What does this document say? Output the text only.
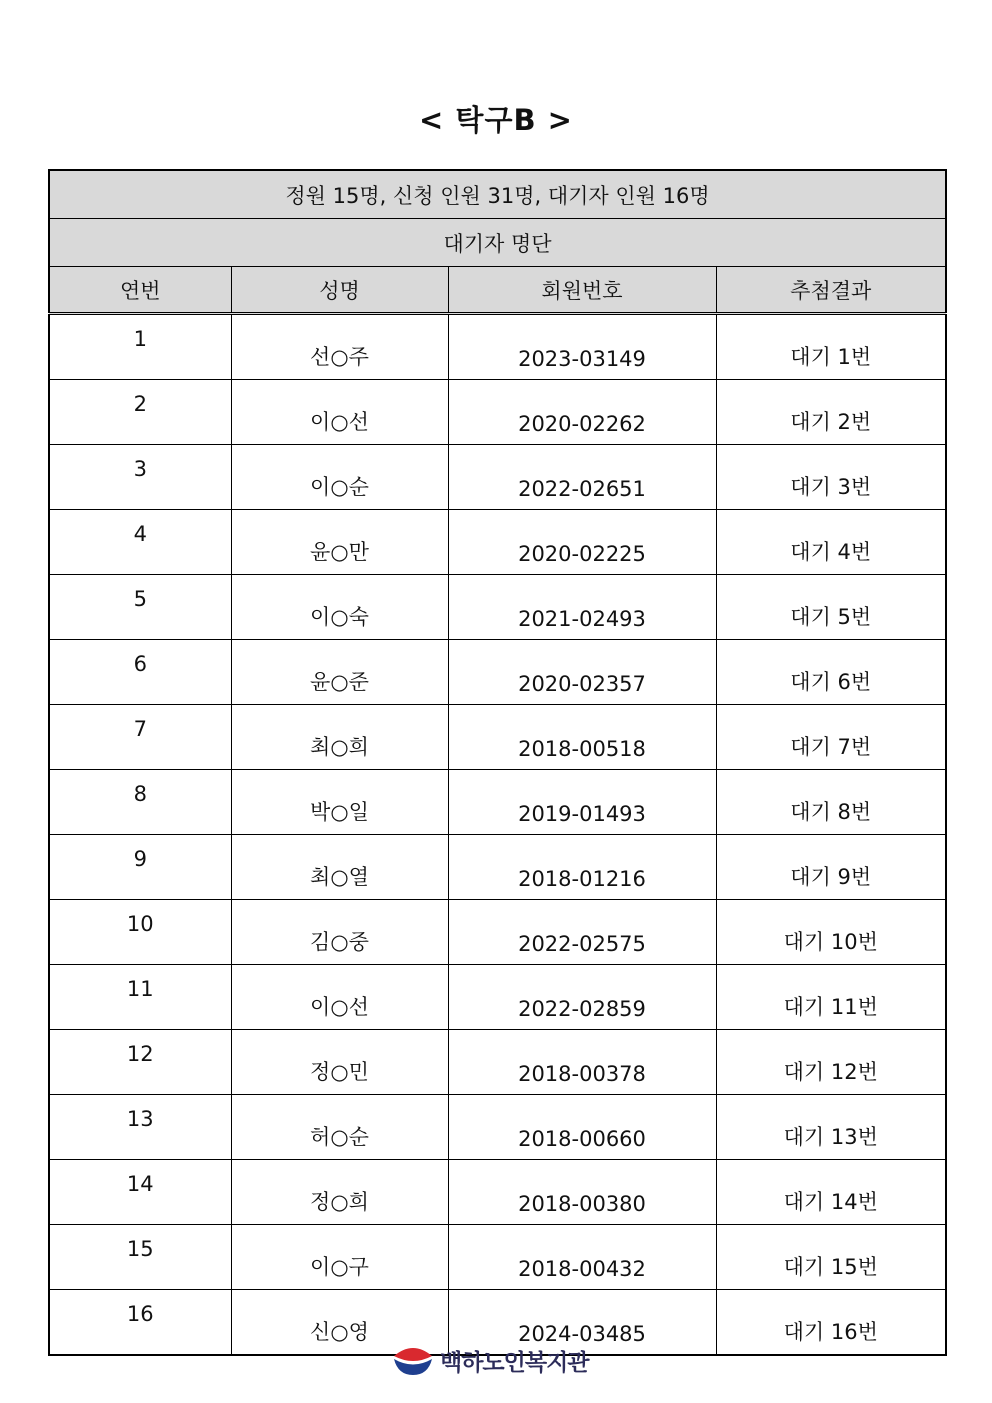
< 탁구B >
정원 15명, 신청 인원 31명, 대기자 인원 16명			
대기자 명단			
연번	성명	회원번호	추첨결과
1	선○주	2023-03149	대기 1번
2	이○선	2020-02262	대기 2번
3	이○순	2022-02651	대기 3번
4	윤○만	2020-02225	대기 4번
5	이○숙	2021-02493	대기 5번
6	윤○준	2020-02357	대기 6번
7	최○희	2018-00518	대기 7번
8	박○일	2019-01493	대기 8번
9	최○열	2018-01216	대기 9번
10	김○중	2022-02575	대기 10번
11	이○선	2022-02859	대기 11번
12	정○민	2018-00378	대기 12번
13	허○순	2018-00660	대기 13번
14	정○희	2018-00380	대기 14번
15	이○구	2018-00432	대기 15번
16	신○영	2024-03485	대기 16번
백하노인복지관
